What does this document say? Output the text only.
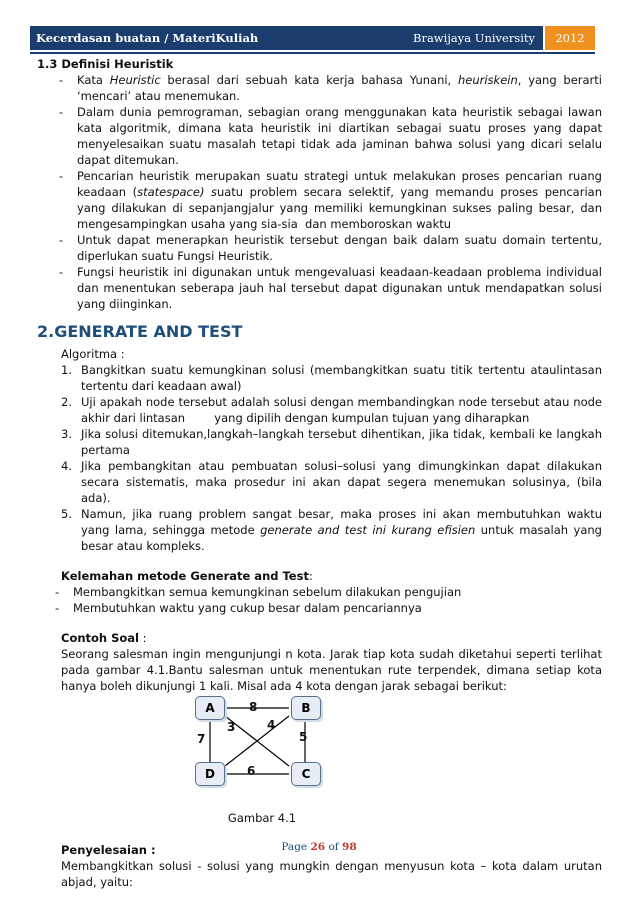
Kecerdasan buatan / MateriKuliah	Brawijaya University	2012
1.3 Definisi Heuristik
- Kata Heuristic berasal dari sebuah kata kerja bahasa Yunani, heuriskein, yang berarti ‘mencari’ atau menemukan.
- Dalam dunia pemrograman, sebagian orang menggunakan kata heuristik sebagai lawan kata algoritmik, dimana kata heuristik ini diartikan sebagai suatu proses yang dapat menyelesaikan suatu masalah tetapi tidak ada jaminan bahwa solusi yang dicari selalu dapat ditemukan.
- Pencarian heuristik merupakan suatu strategi untuk melakukan proses pencarian ruang keadaan (statespace) suatu problem secara selektif, yang memandu proses pencarian yang dilakukan di sepanjangjalur yang memiliki kemungkinan sukses paling besar, dan mengesampingkan usaha yang sia-sia  dan memboroskan waktu
- Untuk dapat menerapkan heuristik tersebut dengan baik dalam suatu domain tertentu, diperlukan suatu Fungsi Heuristik.
- Fungsi heuristik ini digunakan untuk mengevaluasi keadaan-keadaan problema individual dan menentukan seberapa jauh hal tersebut dapat digunakan untuk mendapatkan solusi yang diinginkan.
2.GENERATE AND TEST
Algoritma :
1. Bangkitkan suatu kemungkinan solusi (membangkitkan suatu titik tertentu ataulintasan tertentu dari keadaan awal)
2. Uji apakah node tersebut adalah solusi dengan membandingkan node tersebut atau node akhir dari lintasan        yang dipilih dengan kumpulan tujuan yang diharapkan
3. Jika solusi ditemukan,langkah–langkah tersebut dihentikan, jika tidak, kembali ke langkah pertama
4. Jika pembangkitan atau pembuatan solusi–solusi yang dimungkinkan dapat dilakukan secara sistematis, maka prosedur ini akan dapat segera menemukan solusinya, (bila ada).
5. Namun, jika ruang problem sangat besar, maka proses ini akan membutuhkan waktu yang lama, sehingga metode generate and test ini kurang efisien untuk masalah yang besar atau kompleks.
Kelemahan metode Generate and Test:
- Membangkitkan semua kemungkinan sebelum dilakukan pengujian
- Membutuhkan waktu yang cukup besar dalam pencariannya
Contoh Soal :
Seorang salesman ingin mengunjungi n kota. Jarak tiap kota sudah diketahui seperti terlihat pada gambar 4.1.Bantu salesman untuk menentukan rute terpendek, dimana setiap kota hanya boleh dikunjungi 1 kali. Misal ada 4 kota dengan jarak sebagai berikut:
A	B
C
D
8
3	4
7	5
6
Gambar 4.1
Penyelesaian :
Membangkitkan solusi - solusi yang mungkin dengan menyusun kota – kota dalam urutan abjad, yaitu:
Page 26 of 98
